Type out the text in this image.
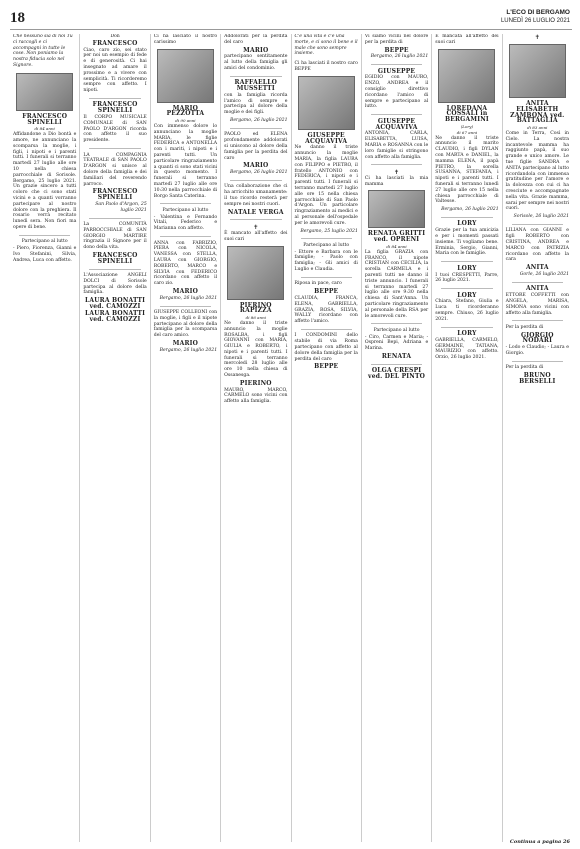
18	L'ECO DI BERGAMO
LUNEDÌ 26 LUGLIO 2021
Che nessuno sia di noi Tu ci raccogli e ci accompagni in tutte le cose. Non poniamo la nostra fiducia solo nel Signore.
FRANCESCO SPINELLI
di 84 anni
Affidandone a Dio bontà e amore, ne annunciano la scomparsa la moglie, i figli, i nipoti e i parenti tutti. I funerali si terranno martedì 27 luglio alle ore 10 nella chiesa parrocchiale di Sorisole. Bergamo, 25 luglio 2021. Un grazie sincero a tutti coloro che ci sono stati vicini e a quanti vorranno partecipare al nostro dolore con la preghiera. Il rosario verrà recitato lunedì sera. Non fiori ma opere di bene.
Partecipano al lutto
- Piero, Fiorenza, Gianni e Ivo Stefanini, Silvia, Andrea, Luca con affetto.
Don
FRANCESCO
Ciao, caro zio, sei stato per noi un esempio di fede e di generosità. Ci hai insegnato ad amare il prossimo e a vivere con semplicità. Ti ricorderemo sempre con affetto. I nipoti.
FRANCESCO SPINELLI
Il CORPO MUSICALE COMUNALE di SAN PAOLO D'ARGON ricorda con affetto il suo presidente.
LA COMPAGNIA TEATRALE di SAN PAOLO D'ARGON si unisce al dolore della famiglia e dei familiari del reverendo parroco.
FRANCESCO SPINELLI
San Paolo d'Argon, 25 luglio 2021
La COMUNITÀ PARROCCHIALE di SAN GIORGIO MARTIRE ringrazia il Signore per il dono della vita.
FRANCESCO SPINELLI
L'Associazione ANGELI DOLCI di Sorisole partecipa al dolore della famiglia.
LAURA BONATTI ved. CAMOZZI
LAURA BONATTI ved. CAMOZZI
Ci ha lasciato il nostro carissimo
MARIO PEZZOTTA
di 90 anni
Con immenso dolore lo annunciano la moglie MARIA, le figlie FEDERICA e ANTONELLA con i mariti, i nipoti e i parenti tutti. Un particolare ringraziamento a quanti ci sono stati vicini in questo momento. I funerali si terranno martedì 27 luglio alle ore 10:30 nella parrocchiale di Borgo Santa Caterina.
Partecipano al lutto
- Valentina e Fernando Vitali, Federico e Marianna con affetto.
ANNA con FABRIZIO, PIERA con NICOLA, VANESSA con STELLA, LAURA con GIORGIO, ROBERTO, MARCO e SILVIA con FEDERICO ricordano con affetto il caro zio.
MARIO
Bergamo, 26 luglio 2021
GIUSEPPE COLLEONI con la moglie, i figli e il nipote partecipano al dolore della famiglia per la scomparsa del caro amico.
MARIO
Bergamo, 26 luglio 2021
Addolorati per la perdita del caro
MARIO
partecipano sentitamente al lutto della famiglia gli amici del condominio.
RAFFAELLO MUSSETTI
con la famiglia ricorda l'amico di sempre e partecipa al dolore della moglie e dei figli.
Bergamo, 26 luglio 2021
PAOLO ed ELENA profondamente addolorati si uniscono al dolore della famiglia per la perdita del caro
MARIO
Bergamo, 26 luglio 2021
Una collaborazione che ci ha arricchito umanamente: il tuo ricordo resterà per sempre nei nostri cuori.
NATALE VERGA
✝
È mancato all'affetto dei suoi cari
PIERINO RAPIZZA
di 86 anni
Ne danno il triste annuncio la moglie ROSALBA, i figli GIOVANNI con MARIA, GIULIA e ROBERTO, i nipoti e i parenti tutti. I funerali si terranno mercoledì 28 luglio alle ore 10 nella chiesa di Ossanesga.
PIERINO
MAURO, MARCO, CARMELO sono vicini con affetto alla famiglia.
C'è una vita e c'è una morte, e ci sono il bene e il male che sono sempre insieme.
Ci ha lasciati il nostro caro BEPPE
GIUSEPPE ACQUAVIVA
Ne danno il triste annuncio la moglie MARIA, la figlia LAURA con FILIPPO e PIETRO, il fratello ANTONIO con FEDERICA, i nipoti e i parenti tutti. I funerali si terranno martedì 27 luglio alle ore 15 nella chiesa parrocchiale di San Paolo d'Argon. Un particolare ringraziamento ai medici e al personale dell'ospedale per le amorevoli cure.
Bergamo, 25 luglio 2021
Partecipano al lutto
- Ettore e Barbara con le famiglie; - Paolo con famiglia; - Gli amici di Luglio e Claudia.
Riposa in pace, caro
BEPPE
CLAUDIA, FRANCA, ELENA, GABRIELLA, GRAZIA, ROSA, SILVIA, WALLY ricordano con affetto l'amico.
I CONDOMINI dello stabile di via Roma partecipano con affetto al dolore della famiglia per la perdita del caro
BEPPE
Vi siamo vicini nel dolore per la perdita di
BEPPE
Bergamo, 26 luglio 2021
GIUSEPPE
EGIDIO con MAURO, ENZO, ANDREA e il consiglio direttivo ricordano l'amico di sempre e partecipano al lutto.
GIUSEPPE ACQUAVIVA
ANTONIA, CARLA, ELISABETTA, LUISA, MARIA e ROSANNA con le loro famiglie si stringono con affetto alla famiglia.
✝
Ci ha lasciati la mia mamma
RENATA GRITTI ved. OPRENI
di 84 anni
La figlia GRAZIA con FRANCO, il nipote CRISTIAN con CECILIA, la sorella CARMELA e i parenti tutti ne danno il triste annuncio. I funerali si terranno martedì 27 luglio alle ore 9:30 nella chiesa di Sant'Anna. Un particolare ringraziamento al personale della RSA per le amorevoli cure.
Partecipano al lutto
- Ciro, Carmen e Maria; - Ospreni Bepi, Adriana e Marina.
RENATA
OLGA CRESPI ved. DEL PINTO
È mancata all'affetto dei suoi cari
LOREDANA COSSALI in BERGAMINI
(Lory)
di 67 anni
Ne danno il triste annuncio il marito CLAUDIO, i figli DYLAN con MARTA e DANIEL, la mamma ELENA, il papà PIETRO, la sorella SUSANNA, STEFANIA, i nipoti e i parenti tutti. I funerali si terranno lunedì 27 luglio alle ore 15 nella chiesa parrocchiale di Valtesse.
Bergamo, 26 luglio 2021
LORY
Grazie per la tua amicizia e per i momenti passati insieme. Ti vogliamo bene. Erminia, Sergio, Gianni, Maria con le famiglie.
LORY
I tuoi CRESPETTI, Parre, 26 luglio 2021.
LORY
Chiara, Stefano, Giulia e Luca ti ricorderanno sempre. Chiuso, 26 luglio 2021.
LORY
GABRIELLA, CARMELO, GERMAINE, TATIANA, MAURIZIO con affetto. Orzio, 26 luglio 2021.
✝
ANITA ELISABETH ZAMBONA ved. BATTAGLIA
di 83 anni
Come in Terra, Così in Cielo. La nostra incantevole mamma ha raggiunto papà, il suo grande e unico amore. Le tue figlie SANDRA e ANITA partecipano al lutto ricordandola con immensa gratitudine per l'amore e la dolcezza con cui ci ha cresciute e accompagnate nella vita. Grazie mamma, sarai per sempre nei nostri cuori.
Sorisole, 26 luglio 2021
LILIANA con GIANNI e figli ROBERTO con CRISTINA, ANDREA e MARCO con PATRIZIA ricordano con affetto la cara
ANITA
Gorle, 26 luglio 2021
ANITA
ETTORE COFFETTI con ANGELA, MARISA, SIMONA sono vicini con affetto alla famiglia.
Per la perdita di
GIORGIO NODARI
- Lodo e Claudio; - Laura e Giorgio.
Per la perdita di
BRUNO BERSELLI
Continua a pagina 26
